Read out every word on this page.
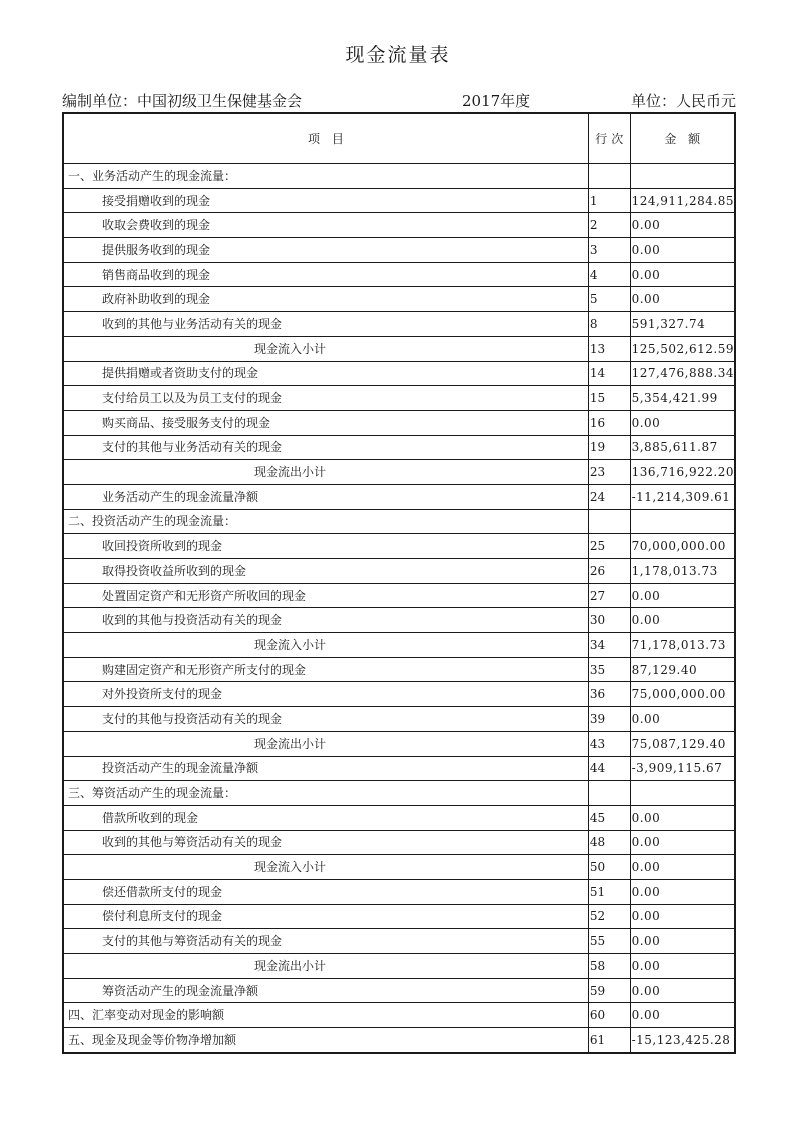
现金流量表
编制单位：中国初级卫生保健基金会	2017年度	单位：人民币元
项 目	行次	金 额
一、业务活动产生的现金流量：		
接受捐赠收到的现金	1	124,911,284.85
收取会费收到的现金	2	0.00
提供服务收到的现金	3	0.00
销售商品收到的现金	4	0.00
政府补助收到的现金	5	0.00
收到的其他与业务活动有关的现金	8	591,327.74
现金流入小计	13	125,502,612.59
提供捐赠或者资助支付的现金	14	127,476,888.34
支付给员工以及为员工支付的现金	15	5,354,421.99
购买商品、接受服务支付的现金	16	0.00
支付的其他与业务活动有关的现金	19	3,885,611.87
现金流出小计	23	136,716,922.20
业务活动产生的现金流量净额	24	-11,214,309.61
二、投资活动产生的现金流量：		
收回投资所收到的现金	25	70,000,000.00
取得投资收益所收到的现金	26	1,178,013.73
处置固定资产和无形资产所收回的现金	27	0.00
收到的其他与投资活动有关的现金	30	0.00
现金流入小计	34	71,178,013.73
购建固定资产和无形资产所支付的现金	35	87,129.40
对外投资所支付的现金	36	75,000,000.00
支付的其他与投资活动有关的现金	39	0.00
现金流出小计	43	75,087,129.40
投资活动产生的现金流量净额	44	-3,909,115.67
三、筹资活动产生的现金流量：		
借款所收到的现金	45	0.00
收到的其他与筹资活动有关的现金	48	0.00
现金流入小计	50	0.00
偿还借款所支付的现金	51	0.00
偿付利息所支付的现金	52	0.00
支付的其他与筹资活动有关的现金	55	0.00
现金流出小计	58	0.00
筹资活动产生的现金流量净额	59	0.00
四、汇率变动对现金的影响额	60	0.00
五、现金及现金等价物净增加额	61	-15,123,425.28
